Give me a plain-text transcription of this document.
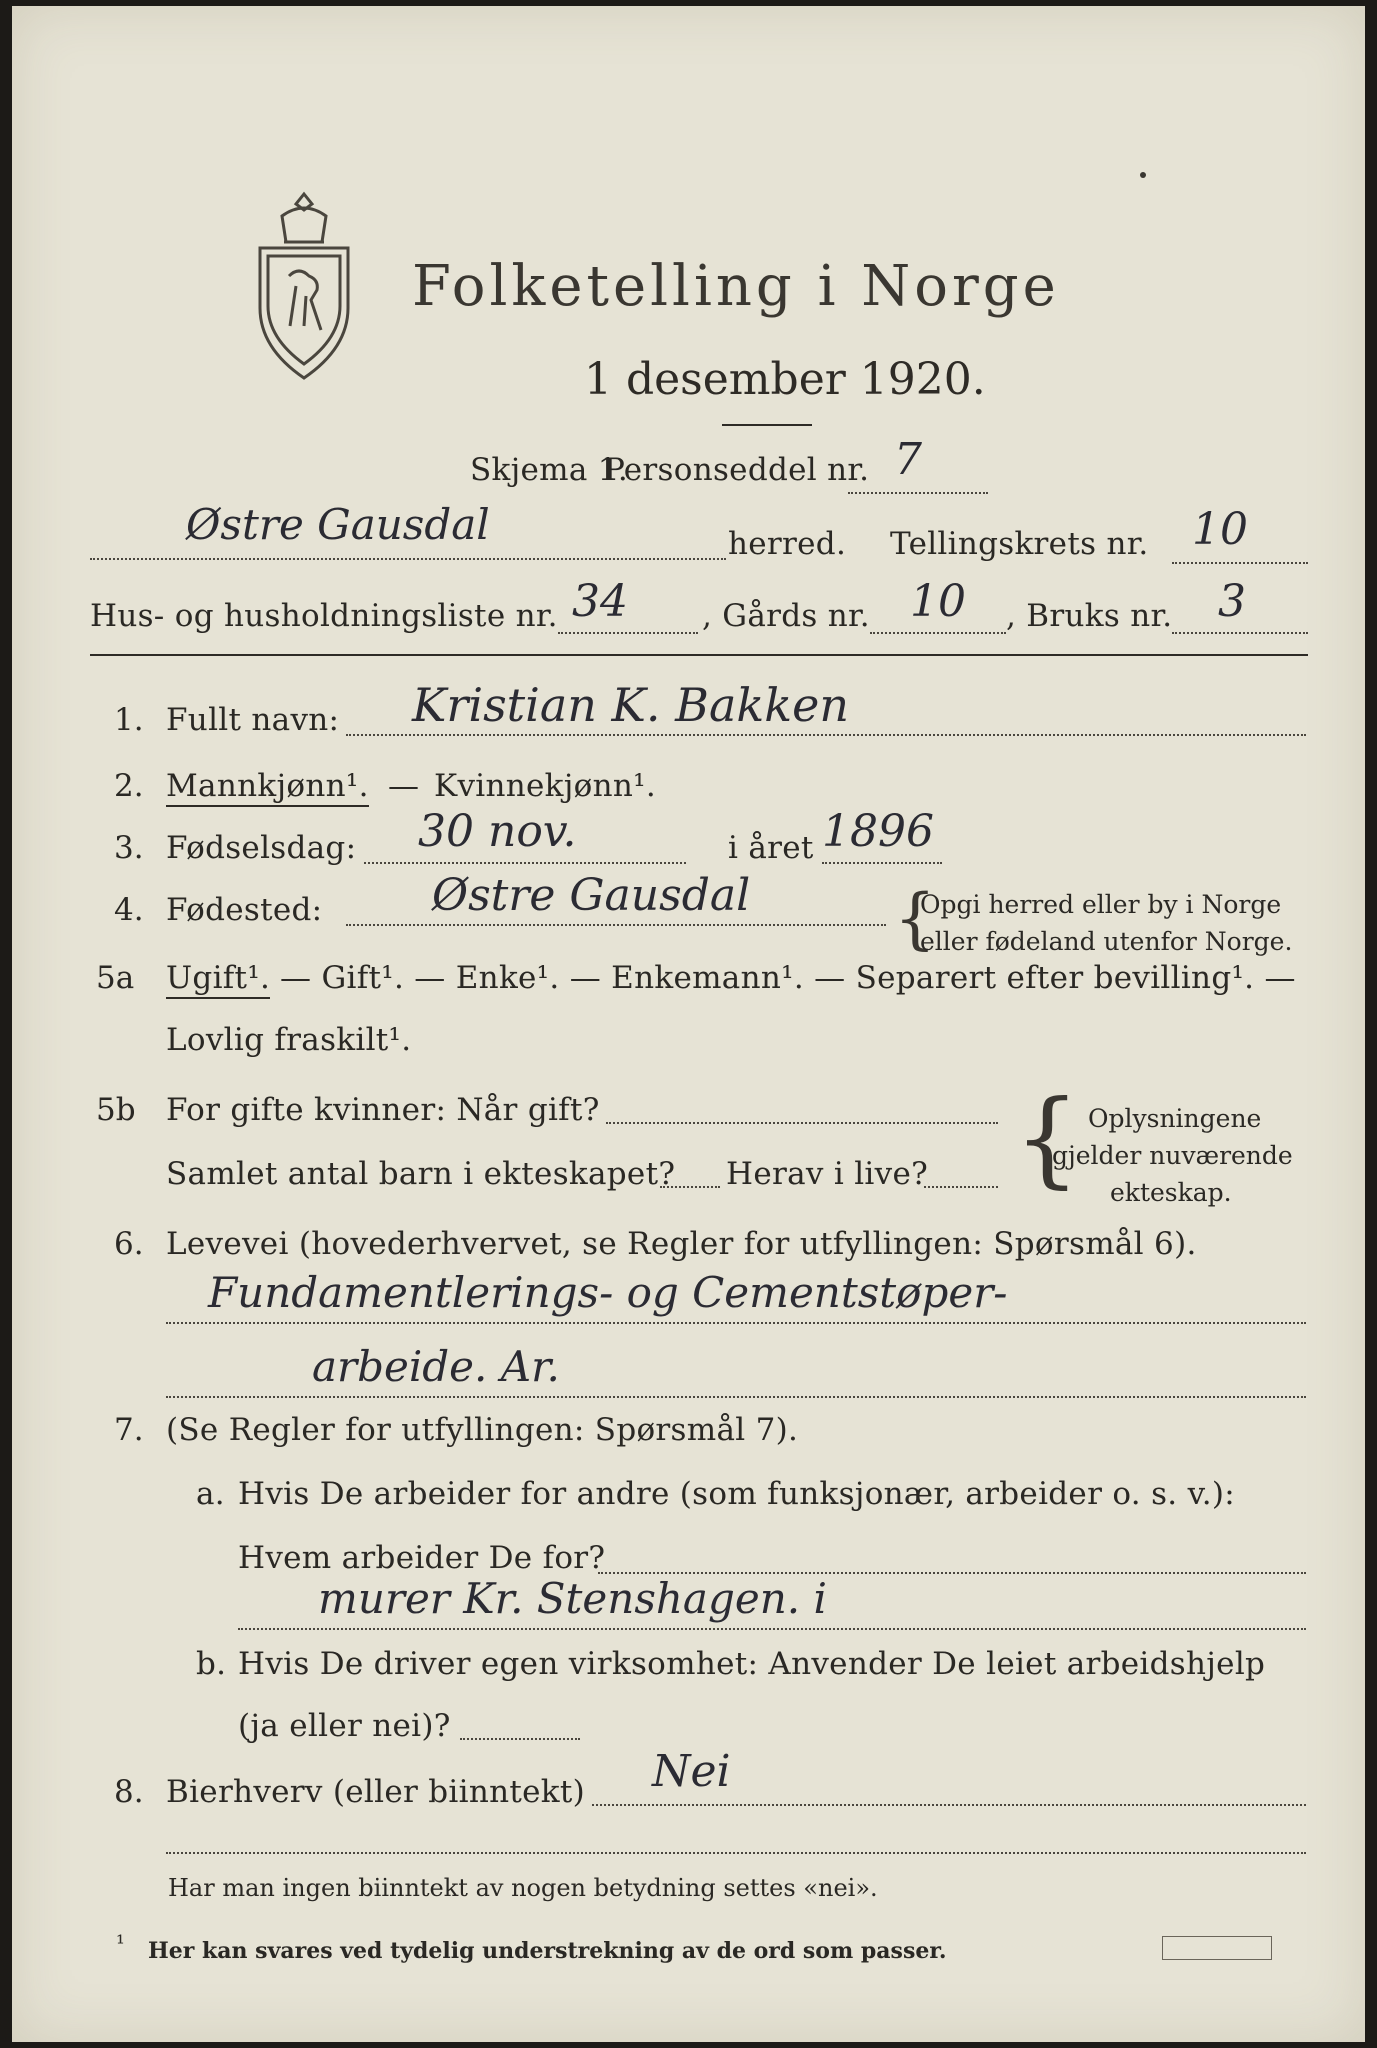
Folketelling i Norge
1 desember 1920.
Skjema 1.
Personseddel nr. 7
Østre Gausdal	herred. Tellingskrets nr. 10
Hus- og husholdningsliste nr. 34 , Gårds nr. 10 , Bruks nr. 3
1. Fullt navn: Kristian K. Bakken
2. Mannkjønn¹. — Kvinnekjønn¹.
3. Fødselsdag: 30 nov.	i året 1896
4. Fødested: Østre Gausdal {
Opgi herred eller by i Norge
eller fødeland utenfor Norge.
5a Ugift¹. — Gift¹. — Enke¹. — Enkemann¹. — Separert efter bevilling¹. —
Lovlig fraskilt¹.
5b For gifte kvinner: Når gift?
Samlet antal barn i ekteskapet? Herav i live? { Oplysningene
gjelder nuværende
ekteskap.
6. Levevei (hovederhvervet, se Regler for utfyllingen: Spørsmål 6).
Fundamentlerings- og Cementstøper-
arbeide. Ar.
7. (Se Regler for utfyllingen: Spørsmål 7).
a. Hvis De arbeider for andre (som funksjonær, arbeider o. s. v.):
Hvem arbeider De for?
murer Kr. Stenshagen. i
b. Hvis De driver egen virksomhet: Anvender De leiet arbeidshjelp
(ja eller nei)?
8. Bierhverv (eller biinntekt) Nei
Har man ingen biinntekt av nogen betydning settes «nei».
¹ Her kan svares ved tydelig understrekning av de ord som passer.
